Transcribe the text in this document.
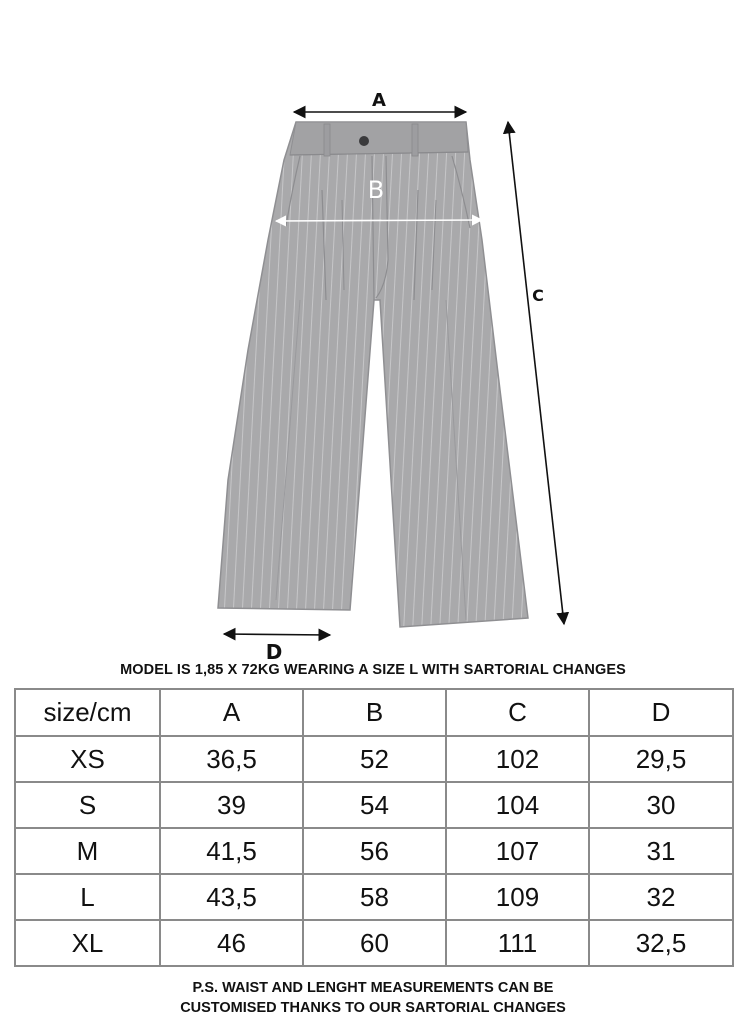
A
B
C
D
MODEL IS 1,85 X 72KG WEARING A SIZE L WITH SARTORIAL CHANGES
size/cm	A	B	C	D
XS	36,5	52	102	29,5
S	39	54	104	30
M	41,5	56	107	31
L	43,5	58	109	32
XL	46	60	111	32,5
P.S. WAIST AND LENGHT MEASUREMENTS CAN BE
CUSTOMISED THANKS TO OUR SARTORIAL CHANGES
